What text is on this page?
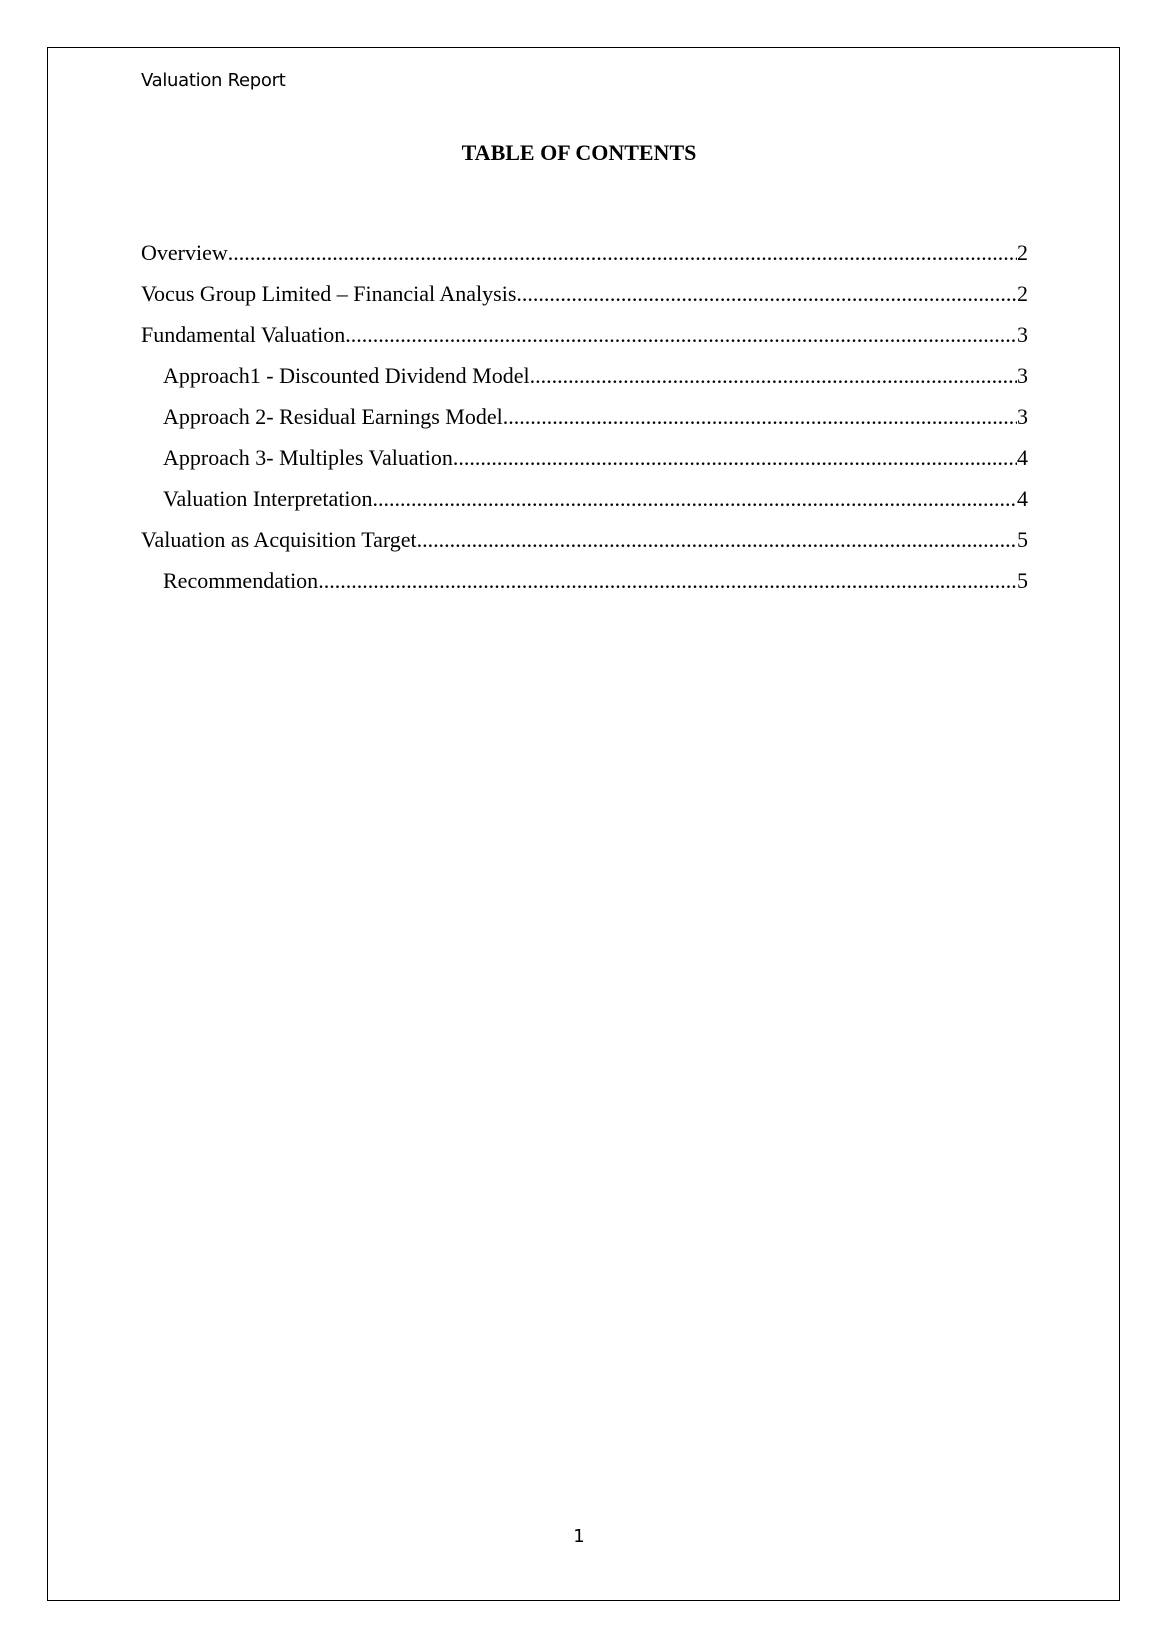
Valuation Report
TABLE OF CONTENTS
Overview .....	2
Vocus Group Limited – Financial Analysis .....	2
Fundamental Valuation .....	3
Approach1 - Discounted Dividend Model .....	3
Approach 2- Residual Earnings Model .....	3
Approach 3- Multiples Valuation .....	4
Valuation Interpretation .....	4
Valuation as Acquisition Target .....	5
Recommendation .....	5
1
